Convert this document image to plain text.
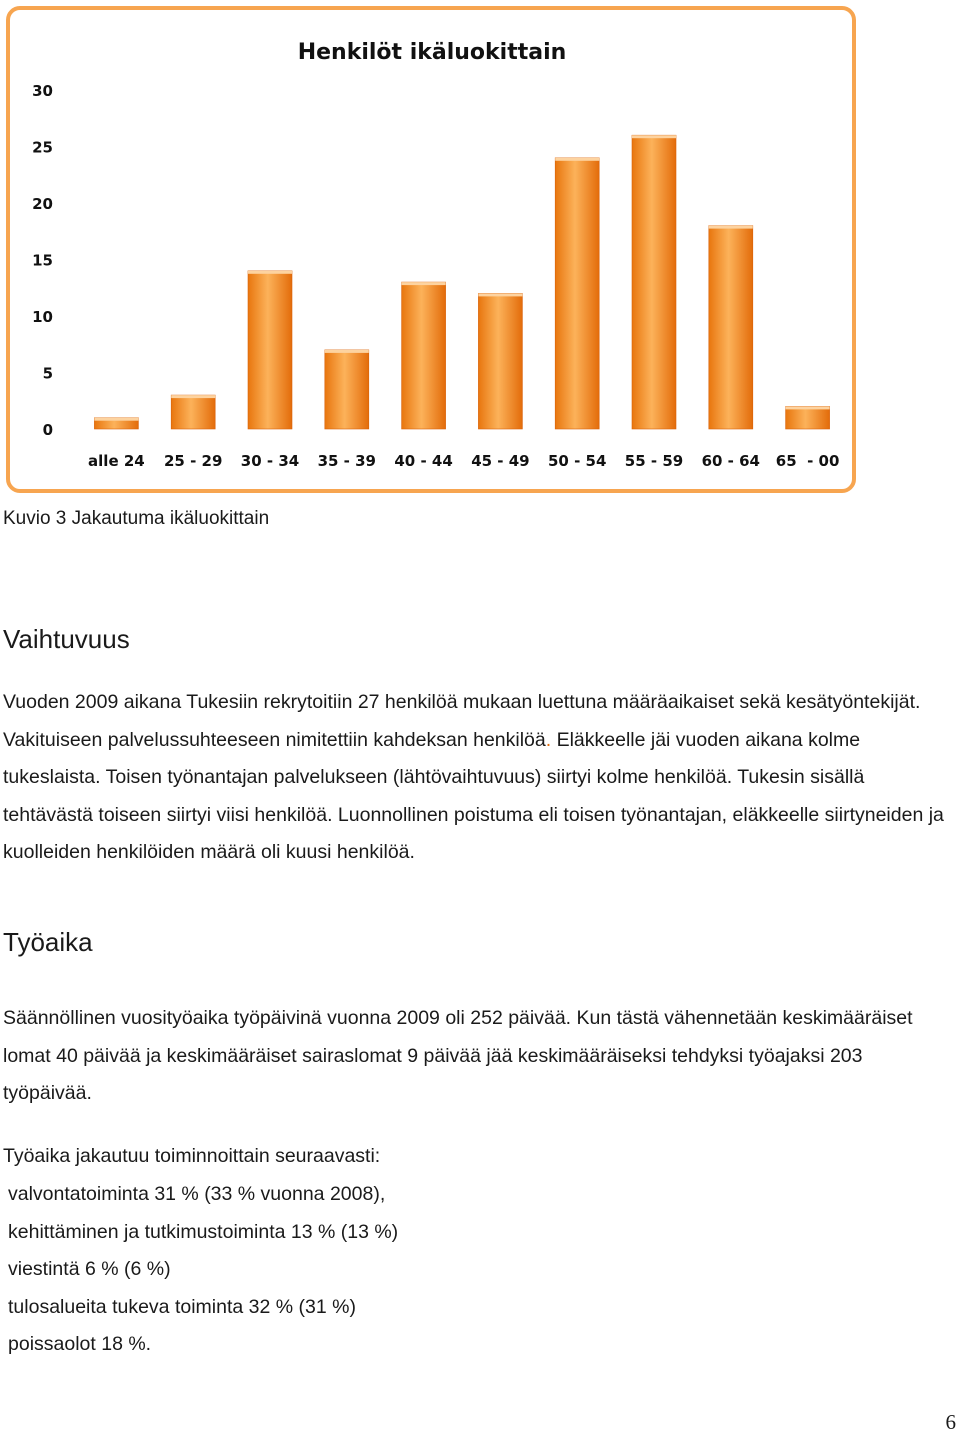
Henkilöt ikäluokittain
0
5
10
15
20
25
30
alle 24 25 - 29 30 - 34 35 - 39 40 - 44 45 - 49 50 - 54 55 - 59 60 - 64 65  - 00
Kuvio 3 Jakautuma ikäluokittain
Vaihtuvuus

Vuoden 2009 aikana Tukesiin rekrytoitiin 27 henkilöä mukaan luettuna määräaikaiset sekä kesätyöntekijät. Vakituiseen palvelussuhteeseen nimitettiin kahdeksan henkilöä. Eläkkeelle jäi vuoden aikana kolme tukeslaista. Toisen työnantajan palvelukseen (lähtövaihtuvuus) siirtyi kolme henkilöä. Tukesin sisällä tehtävästä toiseen siirtyi viisi henkilöä. Luonnollinen poistuma eli toisen työnantajan, eläkkeelle siirtyneiden ja kuolleiden henkilöiden määrä oli kuusi henkilöä.

Työaika

Säännöllinen vuosityöaika työpäivinä vuonna 2009 oli 252 päivää. Kun tästä vähennetään keskimääräiset lomat 40 päivää ja keskimääräiset sairaslomat 9 päivää jää keskimääräiseksi tehdyksi työajaksi 203 työpäivää.

Työaika jakautuu toiminnoittain seuraavasti:

valvontatoiminta 31 % (33 % vuonna 2008),
kehittäminen ja tutkimustoiminta 13 % (13 %)
viestintä 6 % (6 %)
tulosalueita tukeva toiminta 32 % (31 %)
poissaolot 18 %.
6
